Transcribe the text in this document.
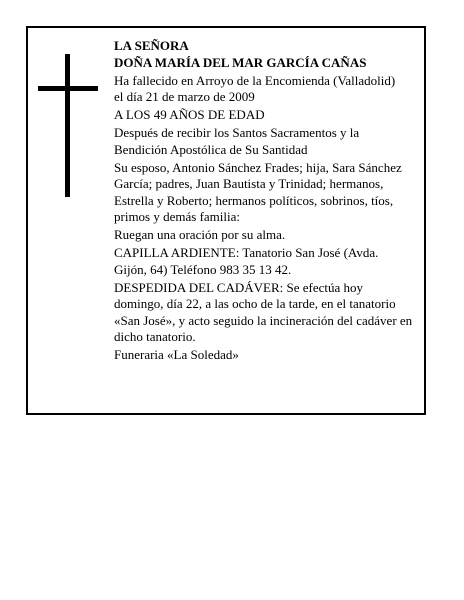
LA SEÑORA
DOÑA MARÍA DEL MAR GARCÍA CAÑAS
Ha fallecido en Arroyo de la Encomienda (Valladolid)
el día 21 de marzo de 2009
A LOS 49 AÑOS DE EDAD
Después de recibir los Santos Sacramentos y la
Bendición Apostólica de Su Santidad
Su esposo, Antonio Sánchez Frades; hija, Sara Sánchez
García; padres, Juan Bautista y Trinidad; hermanos,
Estrella y Roberto; hermanos políticos, sobrinos, tíos,
primos y demás familia:
Ruegan una oración por su alma.
CAPILLA ARDIENTE: Tanatorio San José (Avda.
Gijón, 64) Teléfono 983 35 13 42.
DESPEDIDA DEL CADÁVER: Se efectúa hoy
domingo, día 22, a las ocho de la tarde, en el tanatorio
«San José», y acto seguido la incineración del cadáver en
dicho tanatorio.
Funeraria «La Soledad»
